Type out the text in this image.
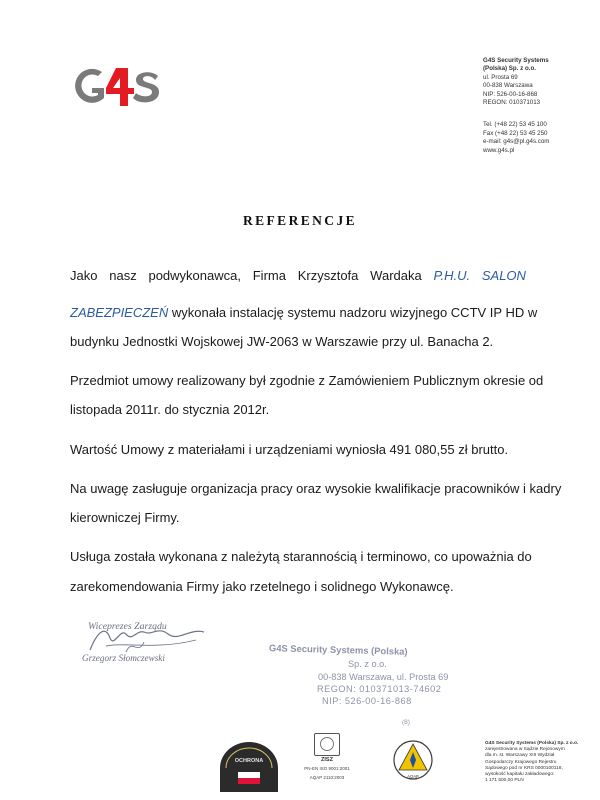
G4S Security Systems
(Polska) Sp. z o.o.
ul. Prosta 69
00-838 Warszawa
NIP: 526-00-16-868
REGON: 010371013
Tel. (+48 22) 53 45 100
Fax (+48 22) 53 45 250
e-mail: g4s@pl.g4s.com
www.g4s.pl
REFERENCJE
Jako nasz podwykonawca, Firma Krzysztofa Wardaka P.H.U. SALON
ZABEZPIECZEŃ wykonała instalację systemu nadzoru wizyjnego CCTV IP HD w
budynku Jednostki Wojskowej JW-2063 w Warszawie przy ul. Banacha 2.
Przedmiot umowy realizowany był zgodnie z Zamówieniem Publicznym okresie od
listopada 2011r. do stycznia 2012r.
Wartość Umowy z materiałami i urządzeniami wyniosła 491 080,55 zł brutto.
Na uwagę zasługuje organizacja pracy oraz wysokie kwalifikacje pracowników i kadry
kierowniczej Firmy.
Usługa została wykonana z należytą starannością i terminowo, co upoważnia do
zarekomendowania Firmy jako rzetelnego i solidnego Wykonawcę.
Wiceprezes Zarządu
Grzegorz Słomczewski
G4S Security Systems (Polska)
Sp. z o.o.
00-838 Warszawa, ul. Prosta 69
REGON: 010371013-74602
NIP: 526-00-16-868
(8)
OCHRONA	ZISZ
PN-EN ISO 9001:2001
AQAP 2110:2003	AQAP
G4S Security Systems (Polska) Sp. z o.o.
zarejestrowana w Sądzie Rejonowym
dla m. st. Warszawy XIII Wydział
Gospodarczy Krajowego Rejestru
Sądowego pod nr KRS 0000100118,
wysokość kapitału zakładowego:
1 171 500,00 PLN
